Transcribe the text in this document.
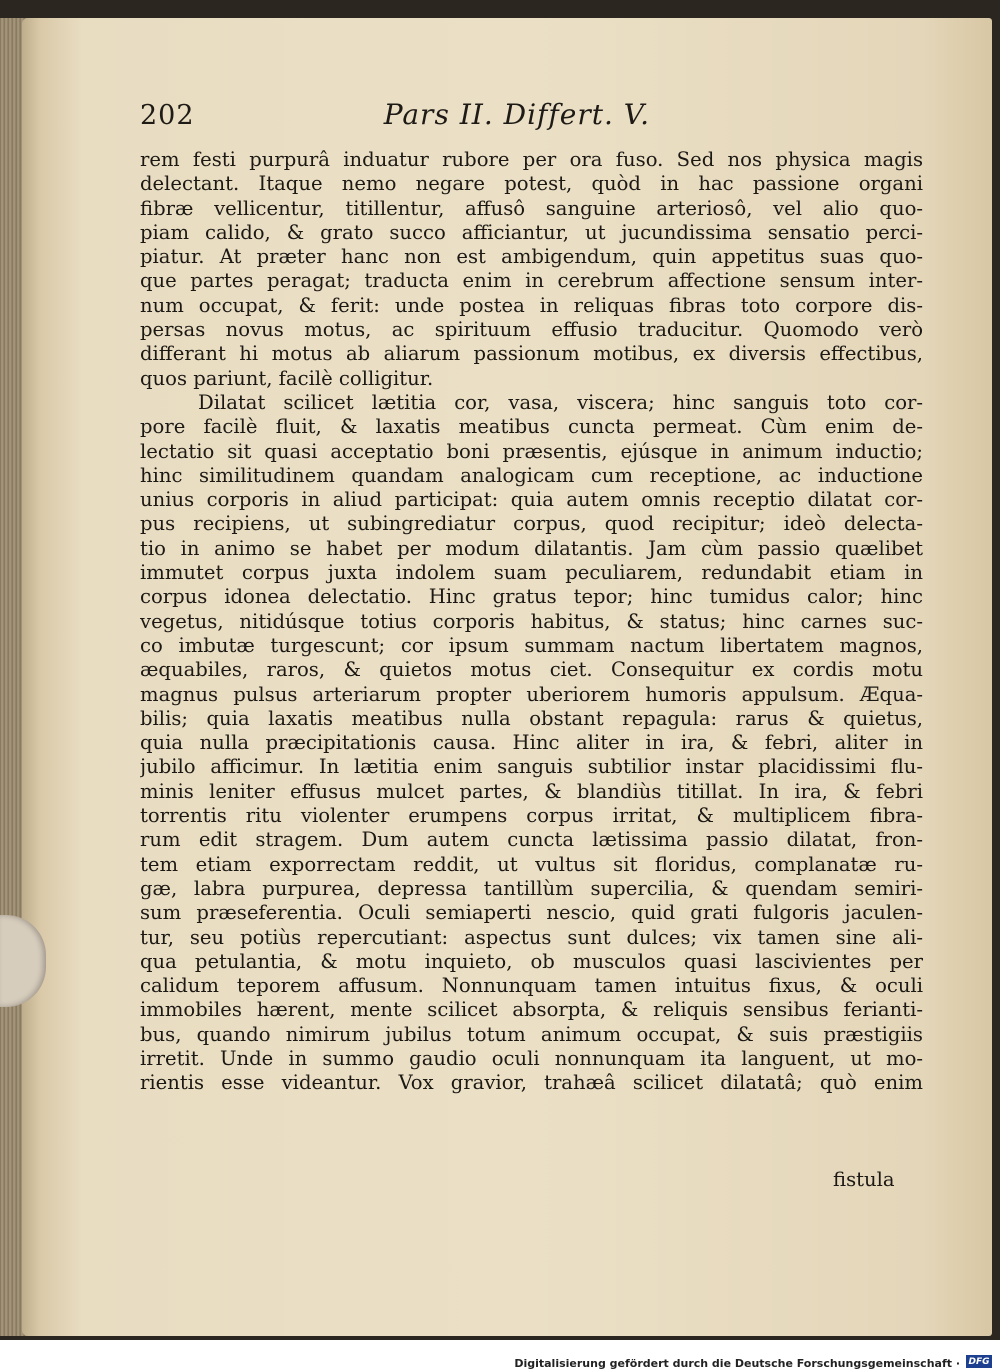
202	Pars II. Differt. V.
rem festi purpurâ induatur rubore per ora fuso. Sed nos physica magis
delectant. Itaque nemo negare potest, quòd in hac passione organi
fibræ vellicentur, titillentur, affusô sanguine arteriosô, vel alio quo-
piam calido, & grato succo afficiantur, ut jucundissima sensatio perci-
piatur. At præter hanc non est ambigendum, quin appetitus suas quo-
que partes peragat; traducta enim in cerebrum affectione sensum inter-
num occupat, & ferit: unde postea in reliquas fibras toto corpore dis-
persas novus motus, ac spirituum effusio traducitur. Quomodo verò
differant hi motus ab aliarum passionum motibus, ex diversis effectibus,
quos pariunt, facilè colligitur.
Dilatat scilicet lætitia cor, vasa, viscera; hinc sanguis toto cor-
pore facilè fluit, & laxatis meatibus cuncta permeat. Cùm enim de-
lectatio sit quasi acceptatio boni præsentis, ejúsque in animum inductio;
hinc similitudinem quandam analogicam cum receptione, ac inductione
unius corporis in aliud participat: quia autem omnis receptio dilatat cor-
pus recipiens, ut subingrediatur corpus, quod recipitur; ideò delecta-
tio in animo se habet per modum dilatantis. Jam cùm passio quælibet
immutet corpus juxta indolem suam peculiarem, redundabit etiam in
corpus idonea delectatio. Hinc gratus tepor; hinc tumidus calor; hinc
vegetus, nitidúsque totius corporis habitus, & status; hinc carnes suc-
co imbutæ turgescunt; cor ipsum summam nactum libertatem magnos,
æquabiles, raros, & quietos motus ciet. Consequitur ex cordis motu
magnus pulsus arteriarum propter uberiorem humoris appulsum. Æqua-
bilis; quia laxatis meatibus nulla obstant repagula: rarus & quietus,
quia nulla præcipitationis causa. Hinc aliter in ira, & febri, aliter in
jubilo afficimur. In lætitia enim sanguis subtilior instar placidissimi flu-
minis leniter effusus mulcet partes, & blandiùs titillat. In ira, & febri
torrentis ritu violenter erumpens corpus irritat, & multiplicem fibra-
rum edit stragem. Dum autem cuncta lætissima passio dilatat, fron-
tem etiam exporrectam reddit, ut vultus sit floridus, complanatæ ru-
gæ, labra purpurea, depressa tantillùm supercilia, & quendam semiri-
sum præseferentia. Oculi semiaperti nescio, quid grati fulgoris jaculen-
tur, seu potiùs repercutiant: aspectus sunt dulces; vix tamen sine ali-
qua petulantia, & motu inquieto, ob musculos quasi lascivientes per
calidum teporem affusum. Nonnunquam tamen intuitus fixus, & oculi
immobiles hærent, mente scilicet absorpta, & reliquis sensibus ferianti-
bus, quando nimirum jubilus totum animum occupat, & suis præstigiis
irretit. Unde in summo gaudio oculi nonnunquam ita languent, ut mo-
rientis esse videantur. Vox gravior, trahæâ scilicet dilatatâ; quò enim
fistula
Digitalisierung gefördert durch die Deutsche Forschungsgemeinschaft · DFG
